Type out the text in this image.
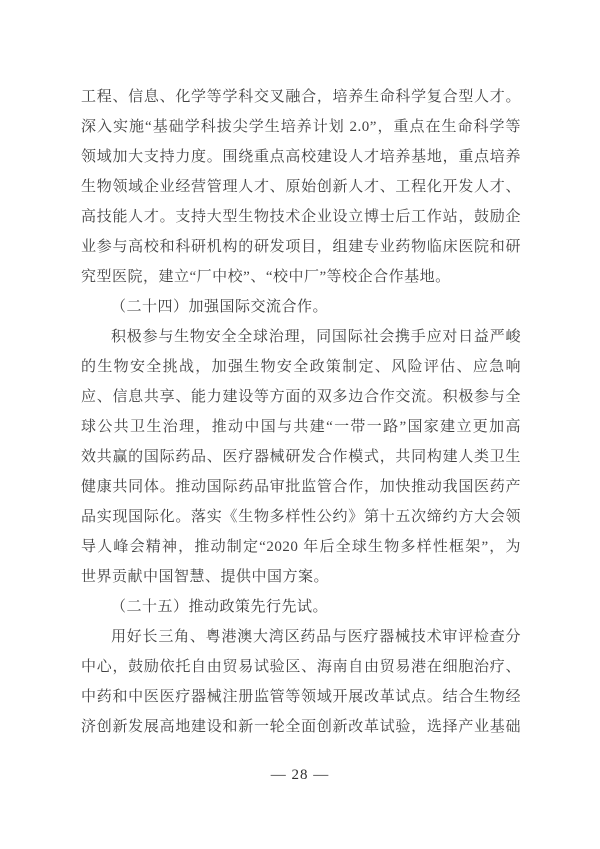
工程、信息、化学等学科交叉融合，培养生命科学复合型人才。
深入实施“基础学科拔尖学生培养计划 2.0”，重点在生命科学等
领域加大支持力度。围绕重点高校建设人才培养基地，重点培养
生物领域企业经营管理人才、原始创新人才、工程化开发人才、
高技能人才。支持大型生物技术企业设立博士后工作站，鼓励企
业参与高校和科研机构的研发项目，组建专业药物临床医院和研
究型医院，建立“厂中校”、“校中厂”等校企合作基地。
（二十四）加强国际交流合作。
积极参与生物安全全球治理，同国际社会携手应对日益严峻
的生物安全挑战，加强生物安全政策制定、风险评估、应急响
应、信息共享、能力建设等方面的双多边合作交流。积极参与全
球公共卫生治理，推动中国与共建“一带一路”国家建立更加高
效共赢的国际药品、医疗器械研发合作模式，共同构建人类卫生
健康共同体。推动国际药品审批监管合作，加快推动我国医药产
品实现国际化。落实《生物多样性公约》第十五次缔约方大会领
导人峰会精神，推动制定“2020 年后全球生物多样性框架”，为
世界贡献中国智慧、提供中国方案。
（二十五）推动政策先行先试。
用好长三角、粤港澳大湾区药品与医疗器械技术审评检查分
中心，鼓励依托自由贸易试验区、海南自由贸易港在细胞治疗、
中药和中医医疗器械注册监管等领域开展改革试点。结合生物经
济创新发展高地建设和新一轮全面创新改革试验，选择产业基础
— 28 —
